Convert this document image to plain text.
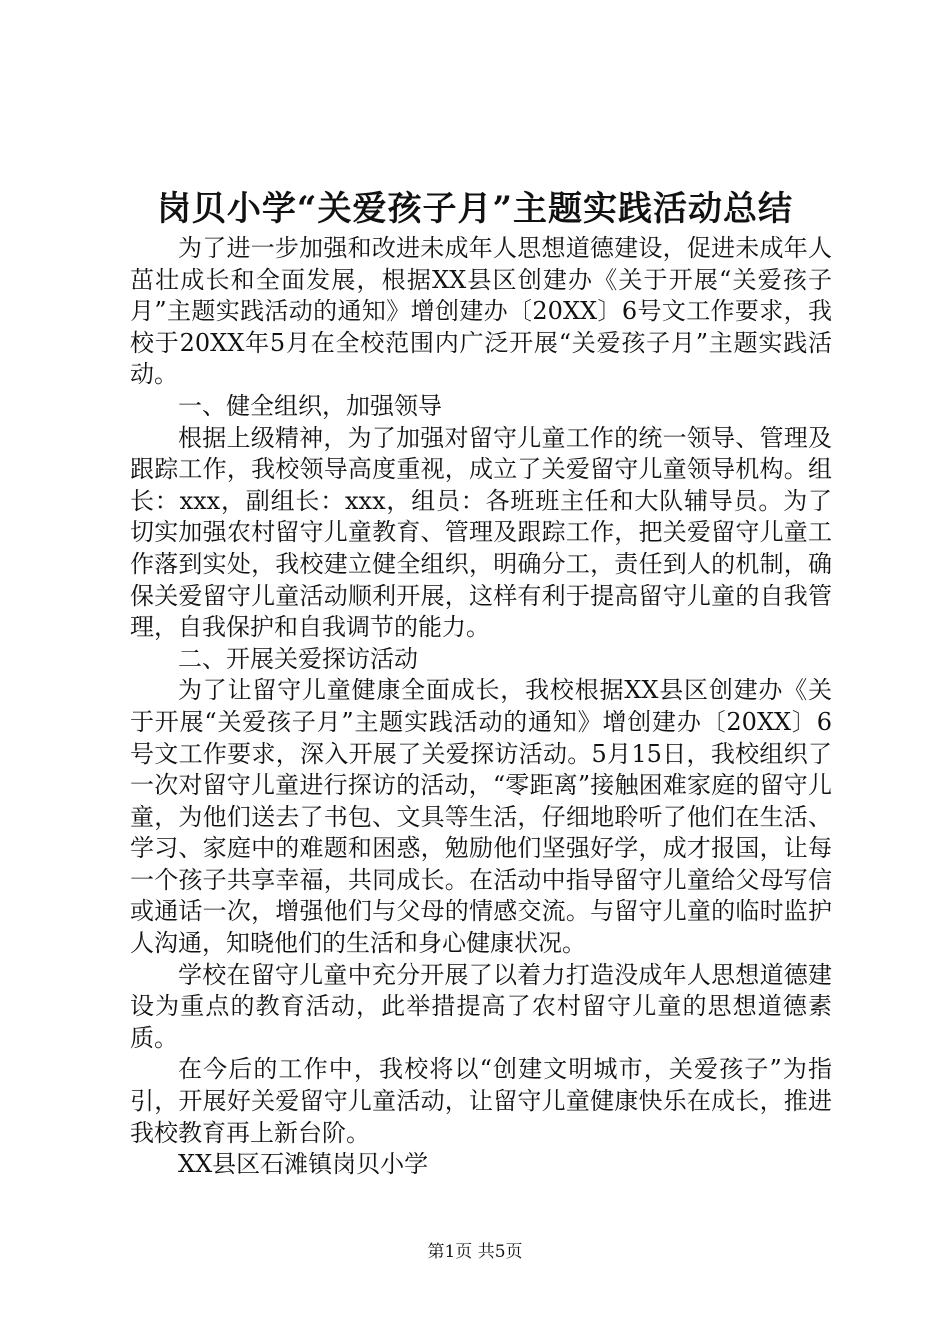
岗贝小学“关爱孩子月”主题实践活动总结

为了进一步加强和改进未成年人思想道德建设，促进未成年人茁壮成长和全面发展，根据XX县区创建办《关于开展“关爱孩子月”主题实践活动的通知》增创建办〔20XX〕6号文工作要求，我校于20XX年5月在全校范围内广泛开展“关爱孩子月”主题实践活动。

一、健全组织，加强领导

根据上级精神，为了加强对留守儿童工作的统一领导、管理及跟踪工作，我校领导高度重视，成立了关爱留守儿童领导机构。组长：xxx，副组长：xxx，组员：各班班主任和大队辅导员。为了切实加强农村留守儿童教育、管理及跟踪工作，把关爱留守儿童工作落到实处，我校建立健全组织，明确分工，责任到人的机制，确保关爱留守儿童活动顺利开展，这样有利于提高留守儿童的自我管理，自我保护和自我调节的能力。

二、开展关爱探访活动

为了让留守儿童健康全面成长，我校根据XX县区创建办《关于开展“关爱孩子月”主题实践活动的通知》增创建办〔20XX〕6号文工作要求，深入开展了关爱探访活动。5月15日，我校组织了一次对留守儿童进行探访的活动，“零距离”接触困难家庭的留守儿童，为他们送去了书包、文具等生活，仔细地聆听了他们在生活、学习、家庭中的难题和困惑，勉励他们坚强好学，成才报国，让每一个孩子共享幸福，共同成长。在活动中指导留守儿童给父母写信或通话一次，增强他们与父母的情感交流。与留守儿童的临时监护人沟通，知晓他们的生活和身心健康状况。

学校在留守儿童中充分开展了以着力打造没成年人思想道德建设为重点的教育活动，此举措提高了农村留守儿童的思想道德素质。

在今后的工作中，我校将以“创建文明城市，关爱孩子”为指引，开展好关爱留守儿童活动，让留守儿童健康快乐在成长，推进我校教育再上新台阶。

XX县区石滩镇岗贝小学

第1页 共5页
